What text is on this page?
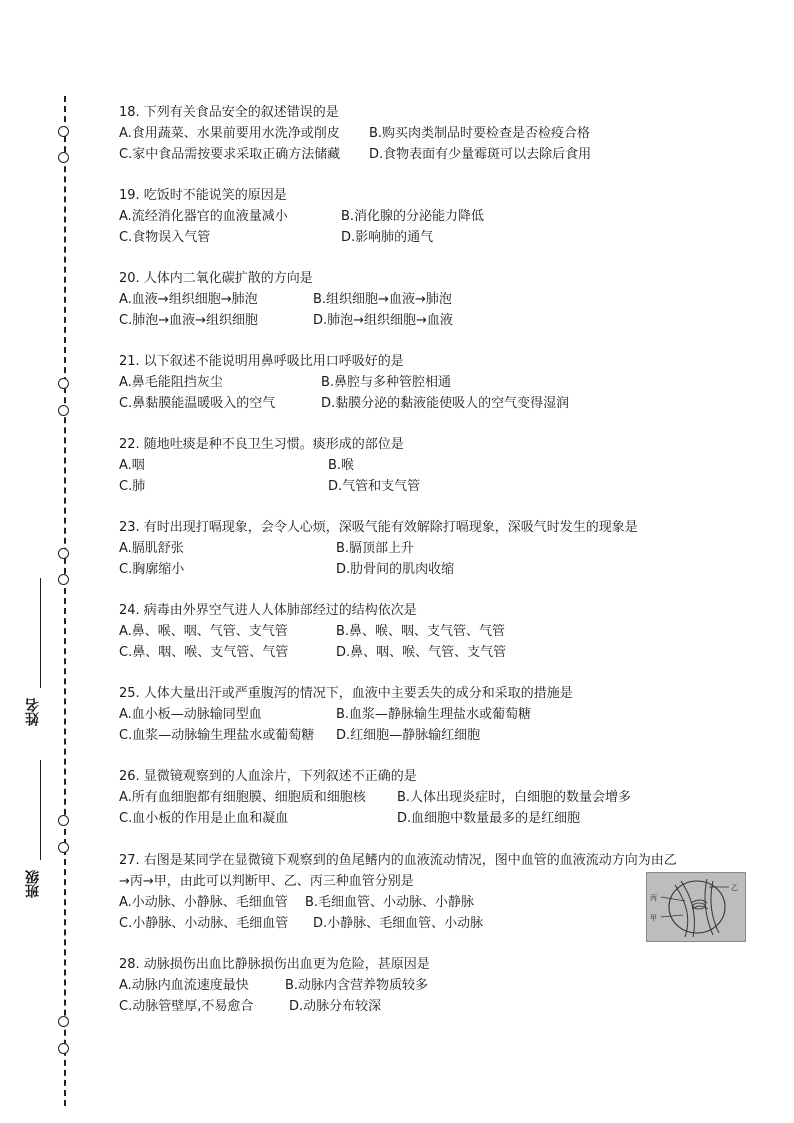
姓名
班级
18. 下列有关食品安全的叙述错误的是
A.食用蔬菜、水果前要用水洗净或削皮 B.购买肉类制品时要检查是否检疫合格
C.家中食品需按要求采取正确方法储藏 D.食物表面有少量霉斑可以去除后食用
19. 吃饭时不能说笑的原因是
A.流经消化器官的血液量减小	B.消化腺的分泌能力降低
C.食物误入气管	D.影响肺的通气
20. 人体内二氧化碳扩散的方向是
A.血液→组织细胞→肺泡	B.组织细胞→血液→肺泡
C.肺泡→血液→组织细胞	D.肺泡→组织细胞→血液
21. 以下叙述不能说明用鼻呼吸比用口呼吸好的是
A.鼻毛能阻挡灰尘	B.鼻腔与多种管腔相通
C.鼻黏膜能温暖吸入的空气	D.黏膜分泌的黏液能使吸人的空气变得湿润
22. 随地吐痰是种不良卫生习惯。痰形成的部位是
A.咽	B.喉
C.肺	D.气管和支气管
23. 有时出现打嗝现象，会令人心烦，深吸气能有效解除打嗝现象，深吸气时发生的现象是
A.膈肌舒张	B.膈顶部上升
C.胸廓缩小	D.肋骨间的肌肉收缩
24. 病毒由外界空气进人人体肺部经过的结构依次是
A.鼻、喉、咽、气管、支气管	B.鼻、喉、咽、支气管、气管
C.鼻、咽、喉、支气管、气管	D.鼻、咽、喉、气管、支气管
25. 人体大量出汗或严重腹泻的情况下，血液中主要丢失的成分和采取的措施是
A.血小板—动脉输同型血	B.血浆—静脉输生理盐水或葡萄糖
C.血浆—动脉输生理盐水或葡萄糖 D.红细胞—静脉输红细胞
26. 显微镜观察到的人血涂片，下列叙述不正确的是
A.所有血细胞都有细胞膜、细胞质和细胞核 B.人体出现炎症时，白细胞的数量会增多
C.血小板的作用是止血和凝血	D.血细胞中数量最多的是红细胞
27. 右图是某同学在显微镜下观察到的鱼尾鳍内的血液流动情况，图中血管的血液流动方向为由乙
→丙→甲，由此可以判断甲、乙、丙三种血管分别是
A.小动脉、小静脉、毛细血管 B.毛细血管、小动脉、小静脉
C.小静脉、小动脉、毛细血管 D.小静脉、毛细血管、小动脉
28. 动脉损伤出血比静脉损伤出血更为危险，甚原因是
A.动脉内血流速度最快	B.动脉内含营养物质较多
C.动脉管壁厚,不易愈合	D.动脉分布较深
乙
丙
甲
